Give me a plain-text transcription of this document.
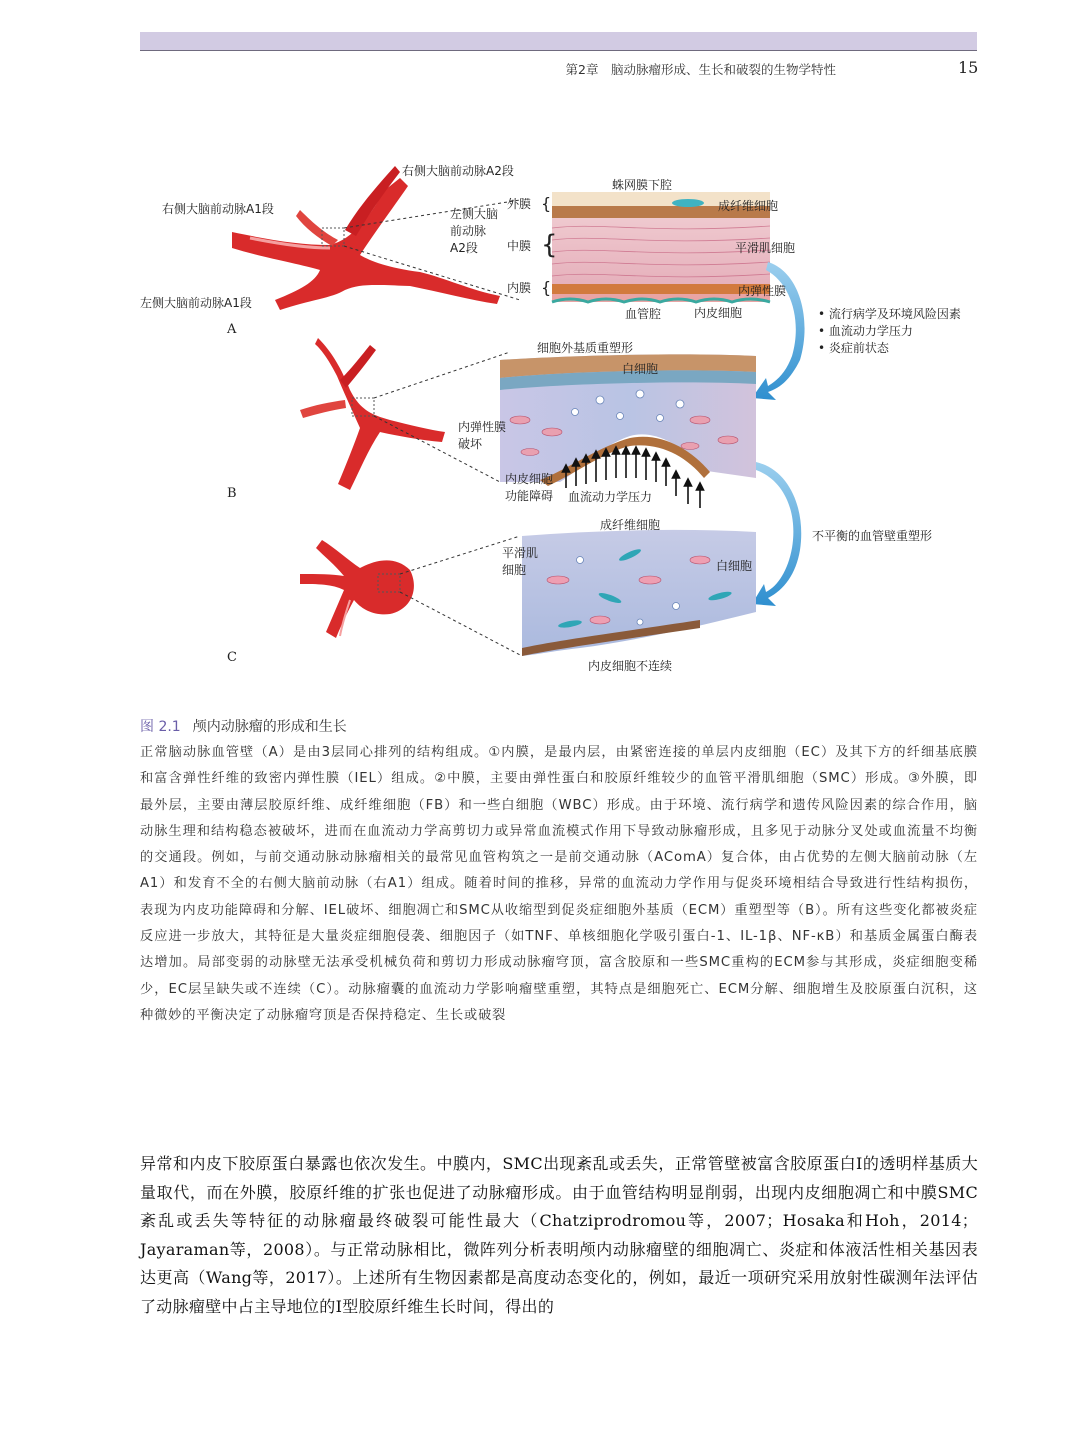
第2章　脑动脉瘤形成、生长和破裂的生物学特性	15
右侧大脑前动脉A2段
右侧大脑前动脉A1段	左侧大脑前动脉A2段
左侧大脑前动脉A1段
A
蛛网膜下腔
外膜
中膜
内膜
成纤维细胞
平滑肌细胞
内弹性膜
血管腔	内皮细胞
{
{
{
• 流行病学及环境风险因素
• 血流动力学压力
• 炎症前状态
细胞外基质重塑形
白细胞
内弹性膜破坏
内皮细胞功能障碍	血流动力学压力
B
不平衡的血管壁重塑形
成纤维细胞
平滑肌细胞	白细胞
内皮细胞不连续
C
图 2.1 颅内动脉瘤的形成和生长
正常脑动脉血管壁（A）是由3层同心排列的结构组成。①内膜，是最内层，由紧密连接的单层内皮细胞（EC）及其下方的纤细基底膜和富含弹性纤维的致密内弹性膜（IEL）组成。②中膜，主要由弹性蛋白和胶原纤维较少的血管平滑肌细胞（SMC）形成。③外膜，即最外层，主要由薄层胶原纤维、成纤维细胞（FB）和一些白细胞（WBC）形成。由于环境、流行病学和遗传风险因素的综合作用，脑动脉生理和结构稳态被破坏，进而在血流动力学高剪切力或异常血流模式作用下导致动脉瘤形成，且多见于动脉分叉处或血流量不均衡的交通段。例如，与前交通动脉动脉瘤相关的最常见血管构筑之一是前交通动脉（AComA）复合体，由占优势的左侧大脑前动脉（左A1）和发育不全的右侧大脑前动脉（右A1）组成。随着时间的推移，异常的血流动力学作用与促炎环境相结合导致进行性结构损伤，表现为内皮功能障碍和分解、IEL破坏、细胞凋亡和SMC从收缩型到促炎症细胞外基质（ECM）重塑型等（B）。所有这些变化都被炎症反应进一步放大，其特征是大量炎症细胞侵袭、细胞因子（如TNF、单核细胞化学吸引蛋白-1、IL-1β、NF-κB）和基质金属蛋白酶表达增加。局部变弱的动脉壁无法承受机械负荷和剪切力形成动脉瘤穹顶，富含胶原和一些SMC重构的ECM参与其形成，炎症细胞变稀少，EC层呈缺失或不连续（C）。动脉瘤囊的血流动力学影响瘤壁重塑，其特点是细胞死亡、ECM分解、细胞增生及胶原蛋白沉积，这种微妙的平衡决定了动脉瘤穹顶是否保持稳定、生长或破裂
异常和内皮下胶原蛋白暴露也依次发生。中膜内，SMC出现紊乱或丢失，正常管壁被富含胶原蛋白Ⅰ的透明样基质大量取代，而在外膜，胶原纤维的扩张也促进了动脉瘤形成。由于血管结构明显削弱，出现内皮细胞凋亡和中膜SMC紊乱或丢失等特征的动脉瘤最终破裂可能性最大（Chatziprodromou等，2007；Hosaka和Hoh，2014；Jayaraman等，2008）。与正常动脉相比，微阵列分析表明颅内动脉瘤壁的细胞凋亡、炎症和体液活性相关基因表达更高（Wang等，2017）。上述所有生物因素都是高度动态变化的，例如，最近一项研究采用放射性碳测年法评估了动脉瘤壁中占主导地位的Ⅰ型胶原纤维生长时间，得出的
